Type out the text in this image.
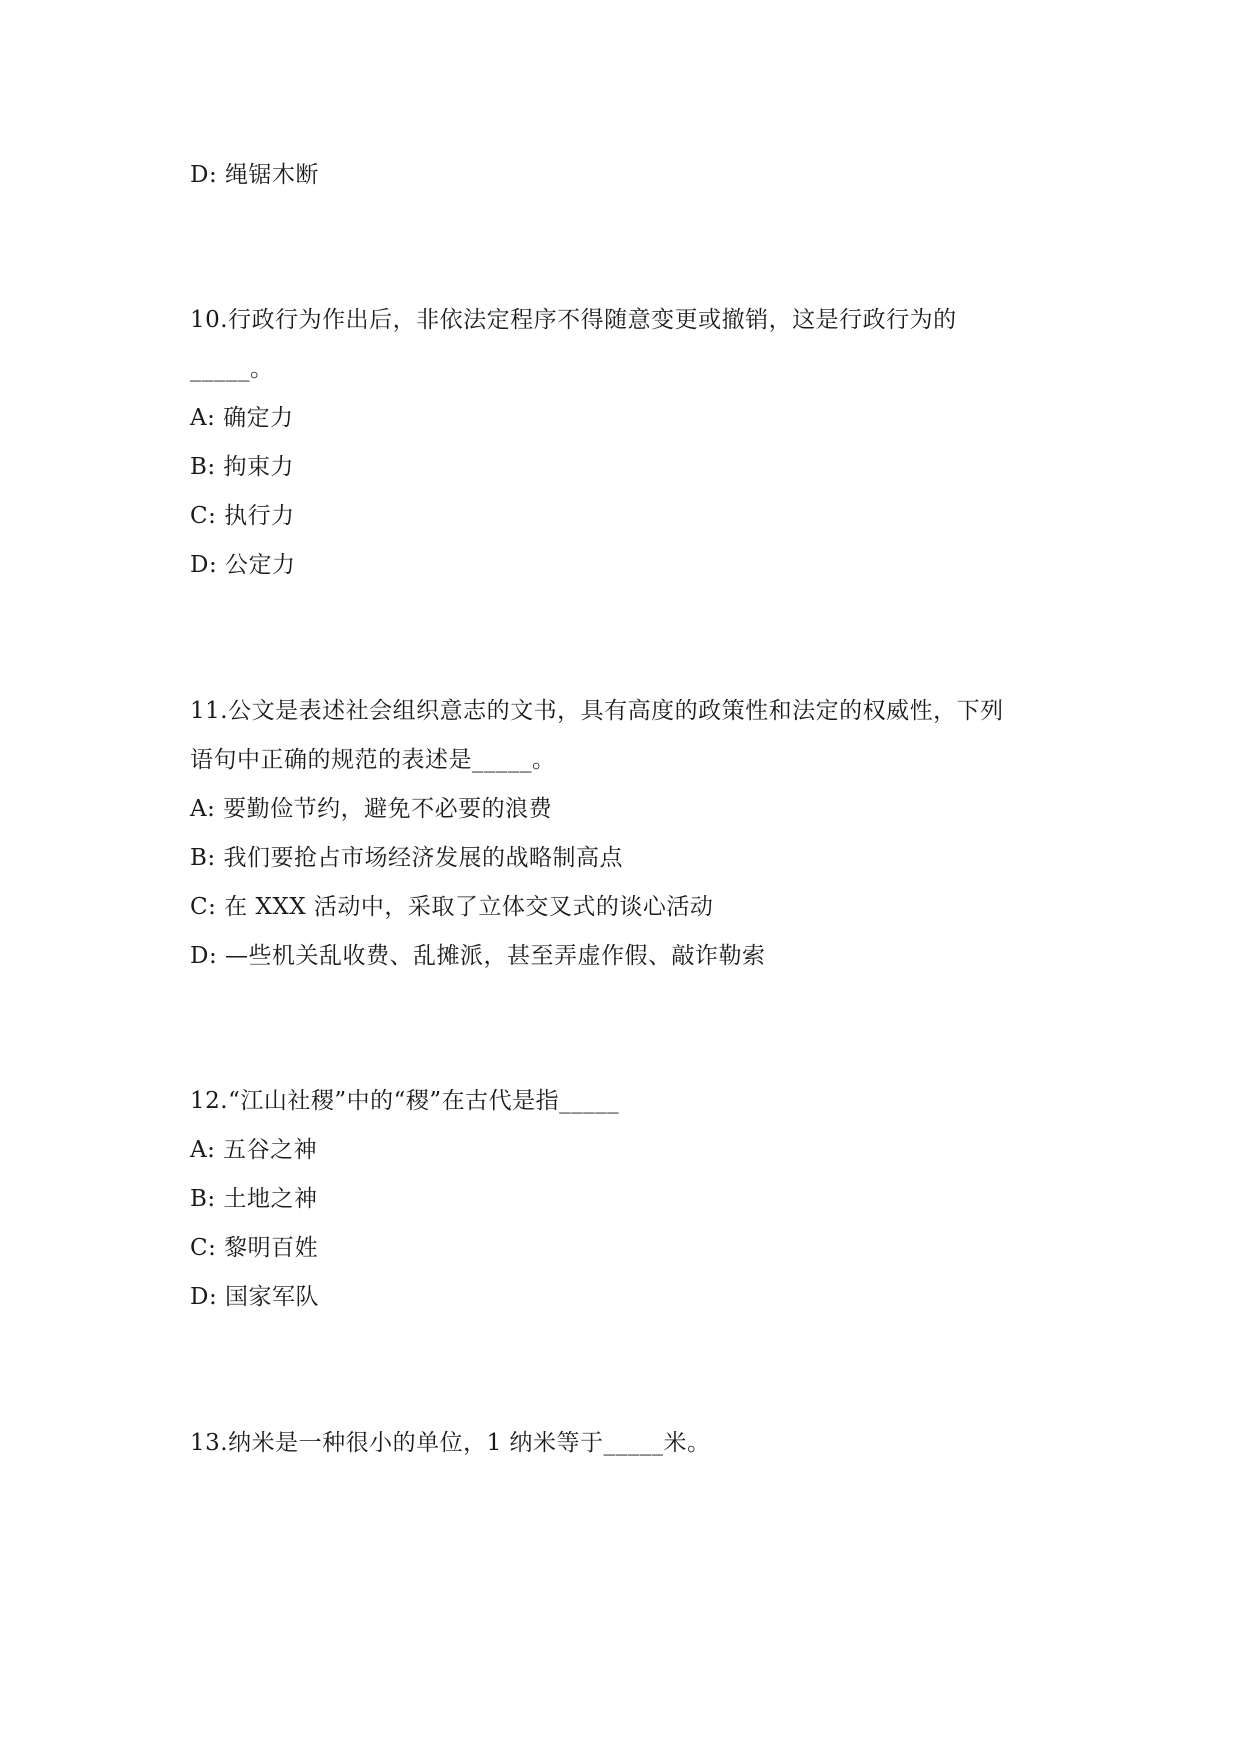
D: 绳锯木断
10.行政行为作出后，非依法定程序不得随意变更或撤销，这是行政行为的
_____。
A: 确定力
B: 拘束力
C: 执行力
D: 公定力
11.公文是表述社会组织意志的文书，具有高度的政策性和法定的权威性，下列
语句中正确的规范的表述是_____。
A: 要勤俭节约，避免不必要的浪费
B: 我们要抢占市场经济发展的战略制高点
C: 在 XXX 活动中，采取了立体交叉式的谈心活动
D: —些机关乱收费、乱摊派，甚至弄虚作假、敲诈勒索
12.“江山社稷”中的“稷”在古代是指_____
A: 五谷之神
B: 土地之神
C: 黎明百姓
D: 国家军队
13.纳米是一种很小的单位，1 纳米等于_____米。
